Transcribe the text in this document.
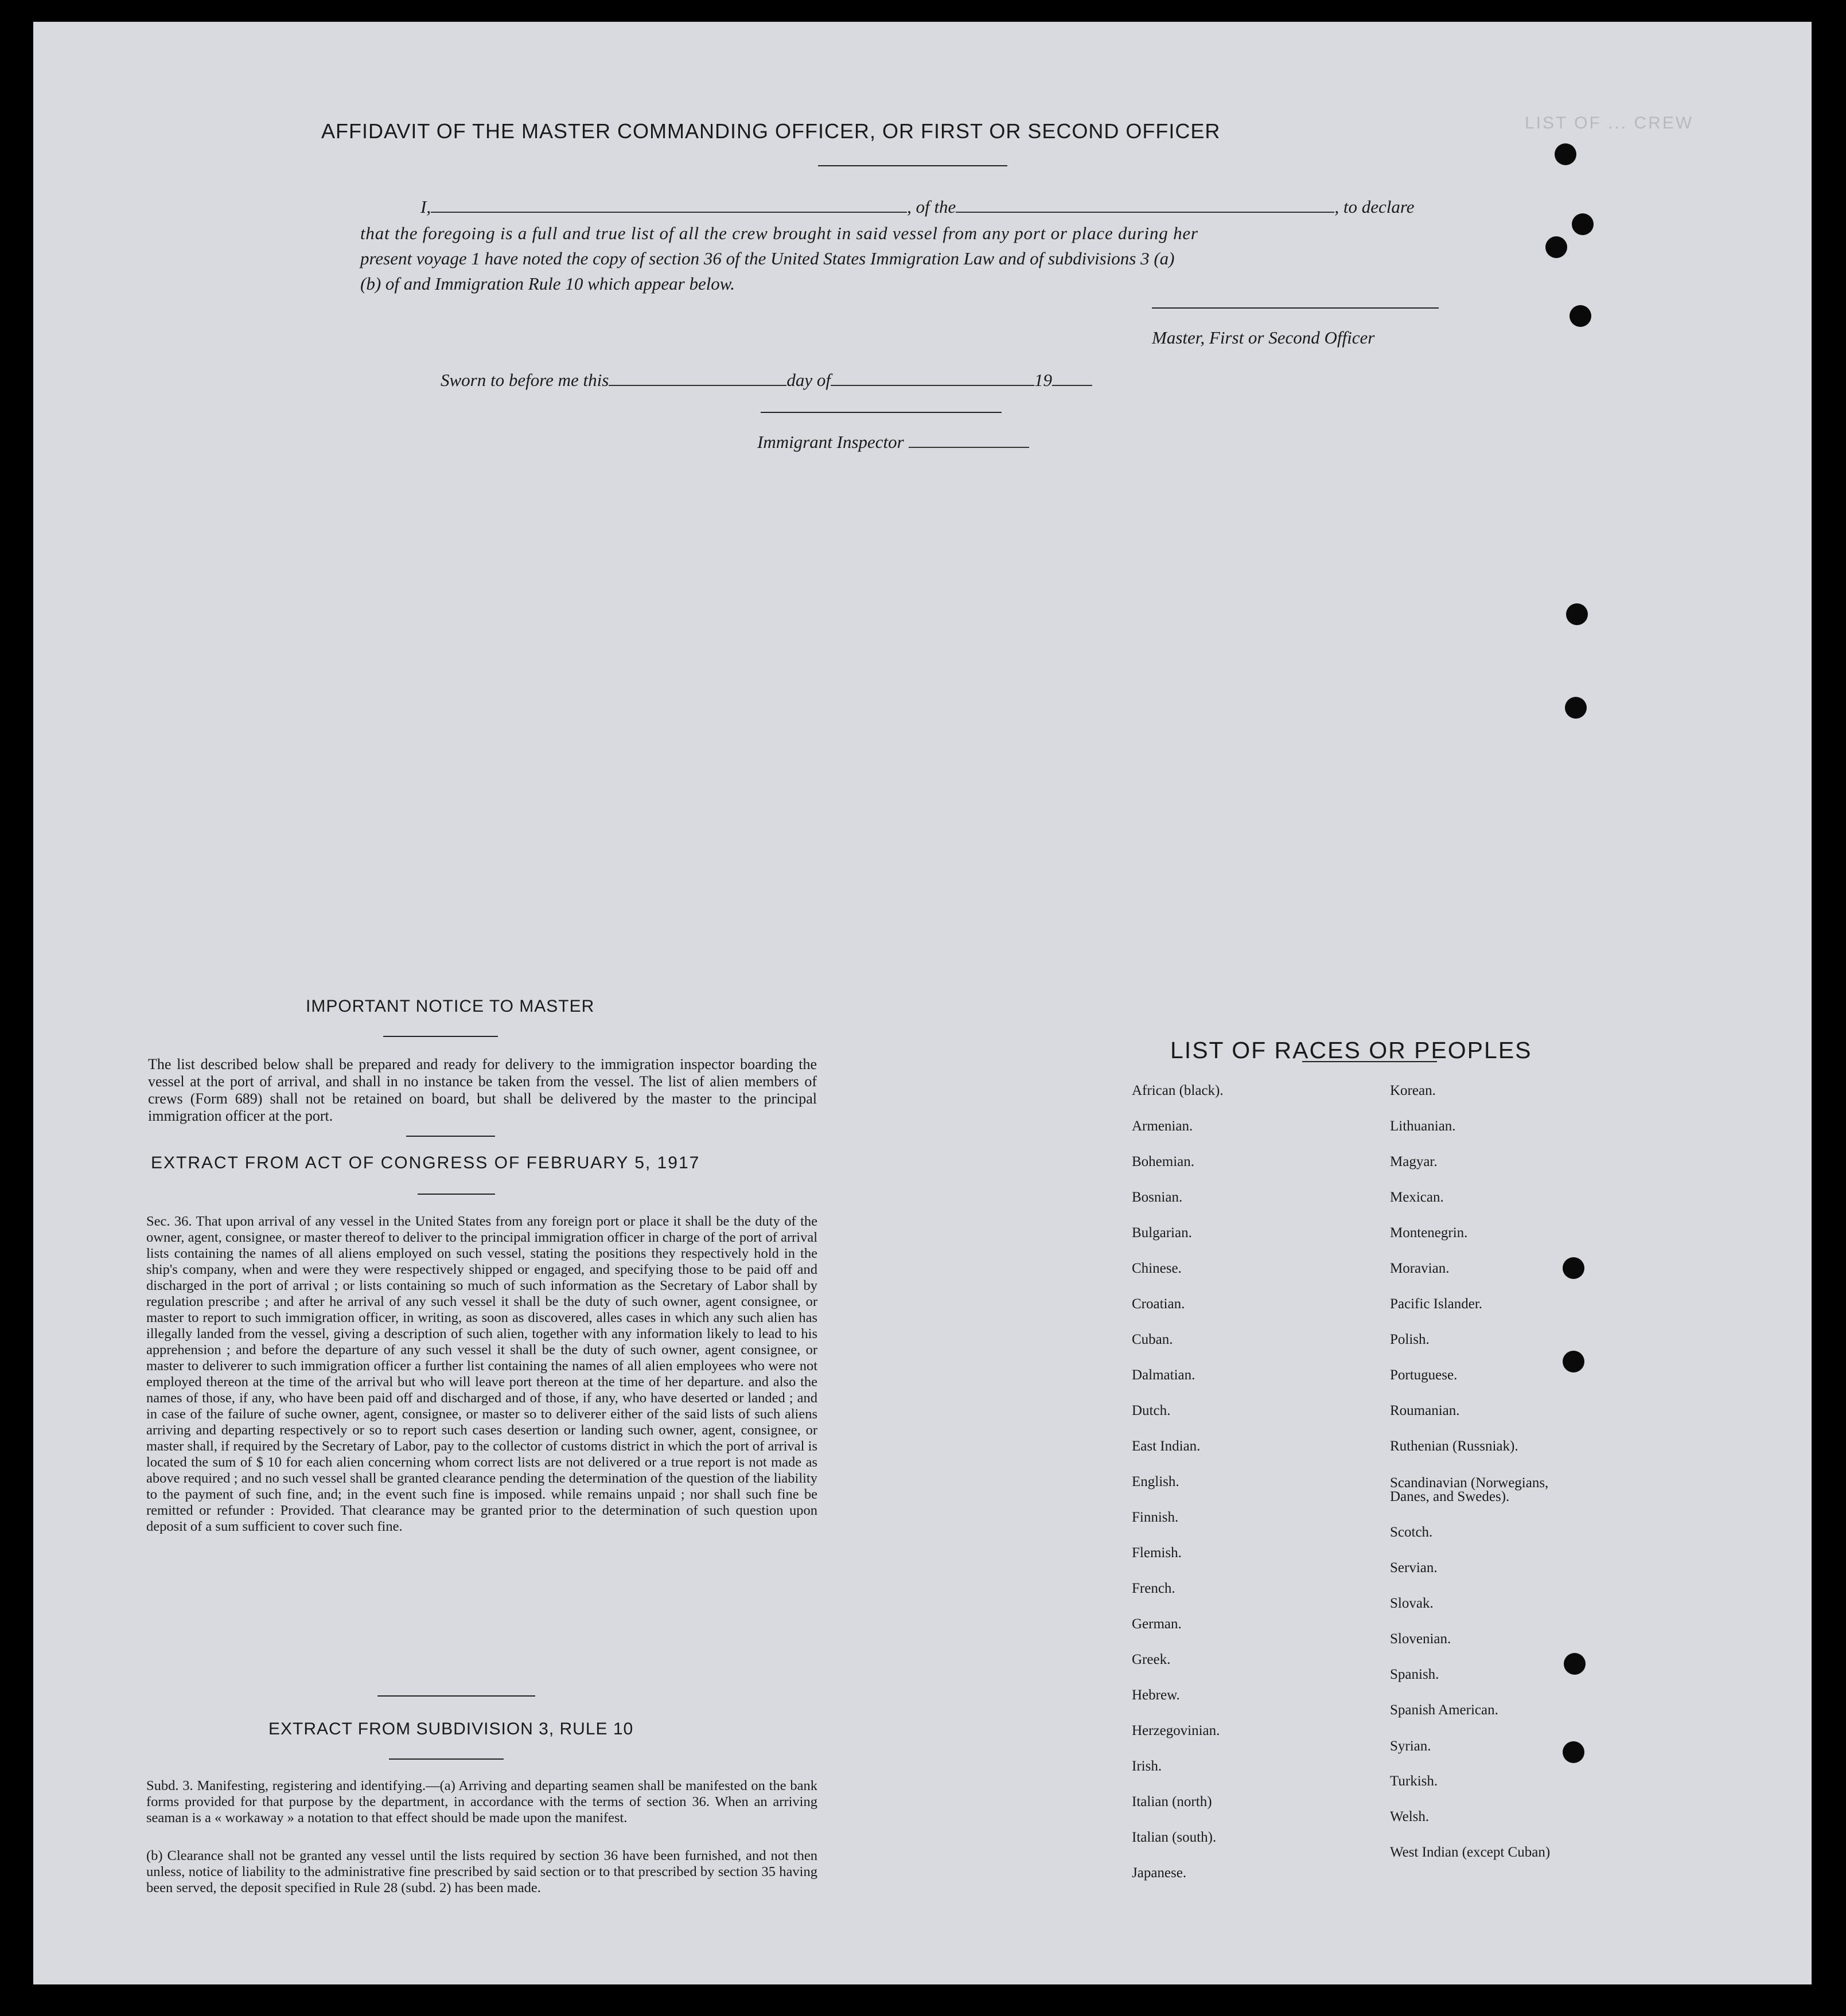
LIST OF ... CREW
AFFIDAVIT OF THE MASTER COMMANDING OFFICER, OR FIRST OR SECOND OFFICER
I,	, of the	, to declare
that the foregoing is a full and true list of all the crew brought in said vessel from any port or place during her
present voyage 1 have noted the copy of section 36 of the United States Immigration Law and of subdivisions 3 (a)
(b) of and Immigration Rule 10 which appear below.
Master, First or Second Officer
Sworn to before me this	day of	19
Immigrant Inspector
IMPORTANT NOTICE TO MASTER
The list described below shall be prepared and ready for delivery to the immigration inspector boarding the vessel at the port of arrival, and shall in no instance be taken from the vessel. The list of alien members of crews (Form 689) shall not be retained on board, but shall be delivered by the master to the principal immigration officer at the port.
EXTRACT FROM ACT OF CONGRESS OF FEBRUARY 5, 1917
Sec. 36. That upon arrival of any vessel in the United States from any foreign port or place it shall be the duty of the owner, agent, consignee, or master thereof to deliver to the principal immigration officer in charge of the port of arrival lists containing the names of all aliens employed on such vessel, stating the positions they respectively hold in the ship's company, when and were they were respectively shipped or engaged, and specifying those to be paid off and discharged in the port of arrival ; or lists containing so much of such information as the Secretary of Labor shall by regulation prescribe ; and after he arrival of any such vessel it shall be the duty of such owner, agent consignee, or master to report to such immigration officer, in writing, as soon as discovered, alles cases in which any such alien has illegally landed from the vessel, giving a description of such alien, together with any information likely to lead to his apprehension ; and before the departure of any such vessel it shall be the duty of such owner, agent consignee, or master to deliverer to such immigration officer a further list containing the names of all alien employees who were not employed thereon at the time of the arrival but who will leave port thereon at the time of her departure. and also the names of those, if any, who have been paid off and discharged and of those, if any, who have deserted or landed ; and in case of the failure of suche owner, agent, consignee, or master so to deliverer either of the said lists of such aliens arriving and departing respectively or so to report such cases desertion or landing such owner, agent, consignee, or master shall, if required by the Secretary of Labor, pay to the collector of customs district in which the port of arrival is located the sum of $ 10 for each alien concerning whom correct lists are not delivered or a true report is not made as above required ; and no such vessel shall be granted clearance pending the determination of the question of the liability to the payment of such fine, and; in the event such fine is imposed. while remains unpaid ; nor shall such fine be remitted or refunder : Provided. That clearance may be granted prior to the determination of such question upon deposit of a sum sufficient to cover such fine.
EXTRACT FROM SUBDIVISION 3, RULE 10
Subd. 3. Manifesting, registering and identifying.—(a) Arriving and departing seamen shall be manifested on the bank forms provided for that purpose by the department, in accordance with the terms of section 36. When an arriving seaman is a « workaway » a notation to that effect should be made upon the manifest.
(b) Clearance shall not be granted any vessel until the lists required by section 36 have been furnished, and not then unless, notice of liability to the administrative fine prescribed by said section or to that prescribed by section 35 having been served, the deposit specified in Rule 28 (subd. 2) has been made.
LIST OF RACES OR PEOPLES
African (black).
Armenian.
Bohemian.
Bosnian.
Bulgarian.
Chinese.
Croatian.
Cuban.
Dalmatian.
Dutch.
East Indian.
English.
Finnish.
Flemish.
French.
German.
Greek.
Hebrew.
Herzegovinian.
Irish.
Italian (north)
Italian (south).
Japanese.
Korean.
Lithuanian.
Magyar.
Mexican.
Montenegrin.
Moravian.
Pacific Islander.
Polish.
Portuguese.
Roumanian.
Ruthenian (Russniak).
Scandinavian (Norwegians,
Danes, and Swedes).
Scotch.
Servian.
Slovak.
Slovenian.
Spanish.
Spanish American.
Syrian.
Turkish.
Welsh.
West Indian (except Cuban)
